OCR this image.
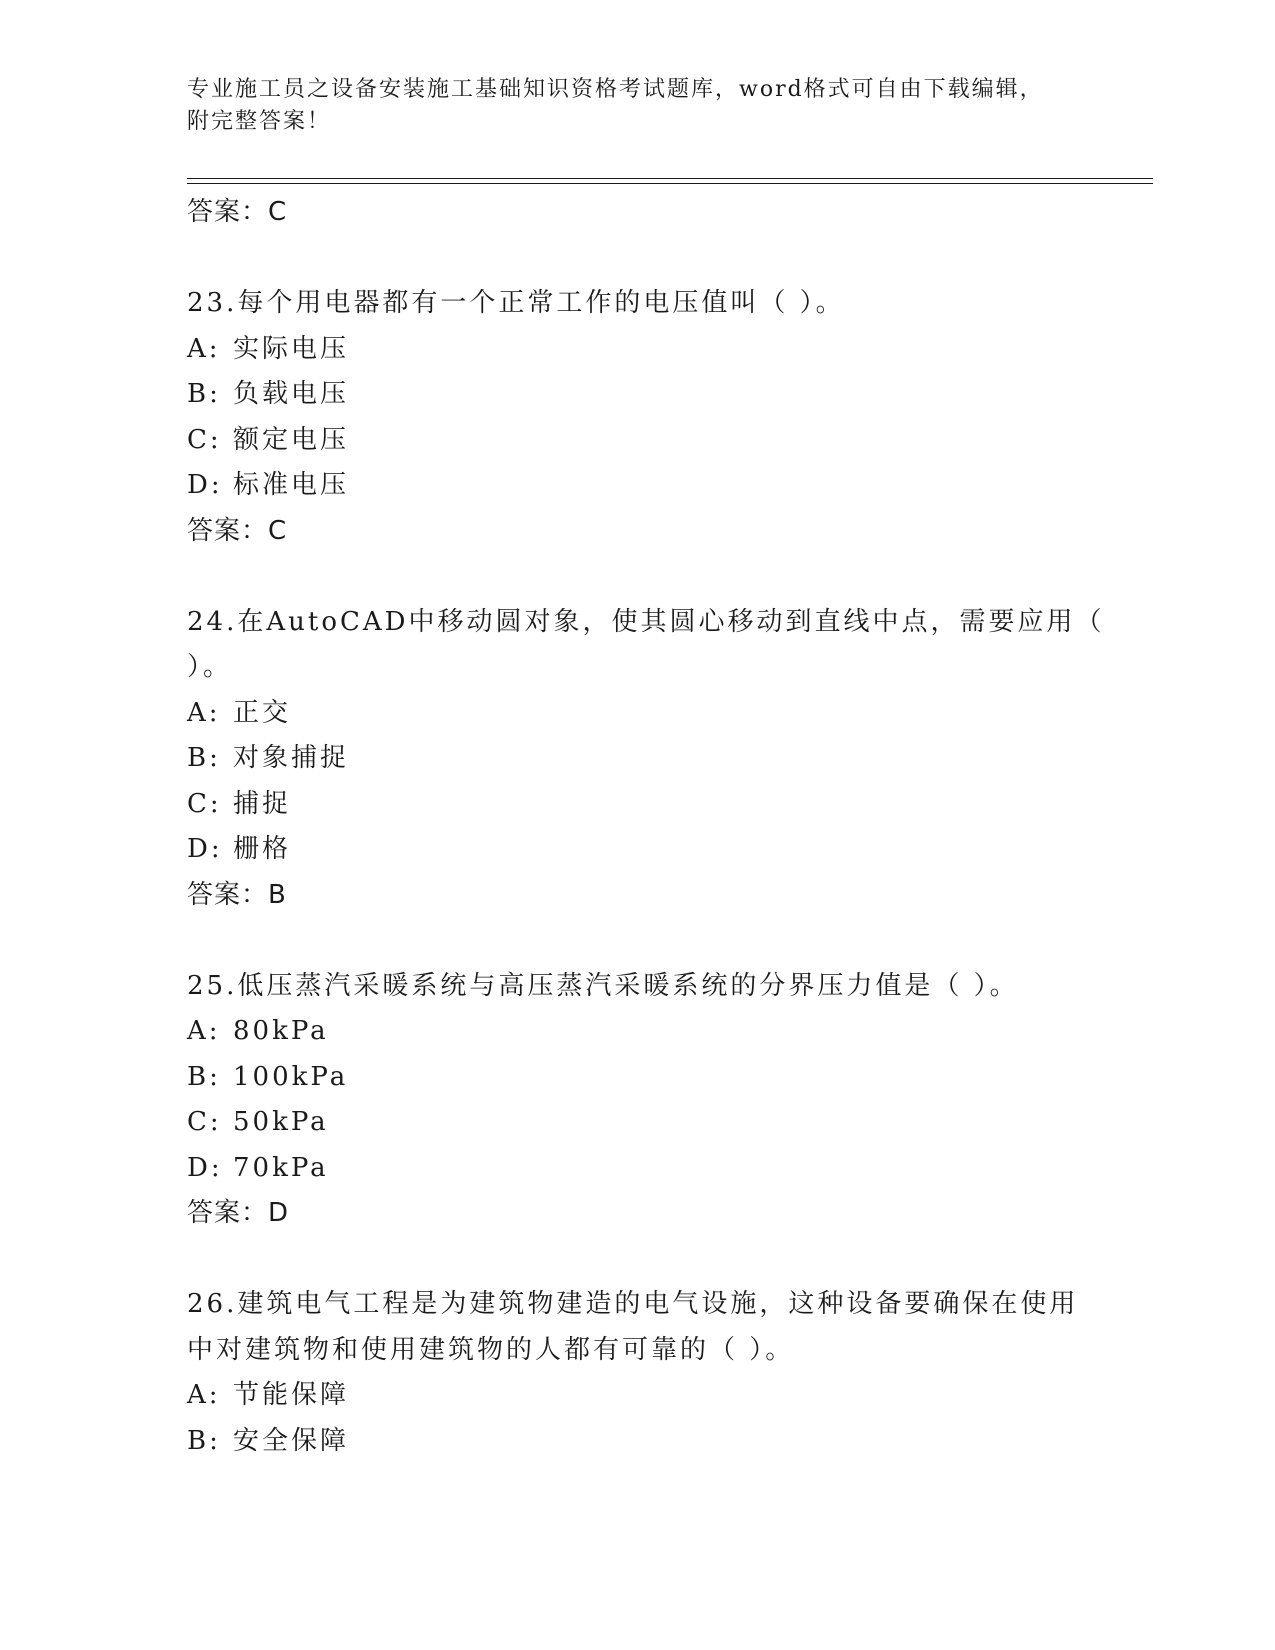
专业施工员之设备安装施工基础知识资格考试题库，word格式可自由下载编辑，
附完整答案！
答案：C
23.每个用电器都有一个正常工作的电压值叫（ ）。
A: 实际电压
B: 负载电压
C: 额定电压
D: 标准电压
答案：C
24.在AutoCAD中移动圆对象，使其圆心移动到直线中点，需要应用（
）。
A: 正交
B: 对象捕捉
C: 捕捉
D: 栅格
答案：B
25.低压蒸汽采暖系统与高压蒸汽采暖系统的分界压力值是（ ）。
A: 80kPa
B: 100kPa
C: 50kPa
D: 70kPa
答案：D
26.建筑电气工程是为建筑物建造的电气设施，这种设备要确保在使用
中对建筑物和使用建筑物的人都有可靠的（ ）。
A: 节能保障
B: 安全保障
